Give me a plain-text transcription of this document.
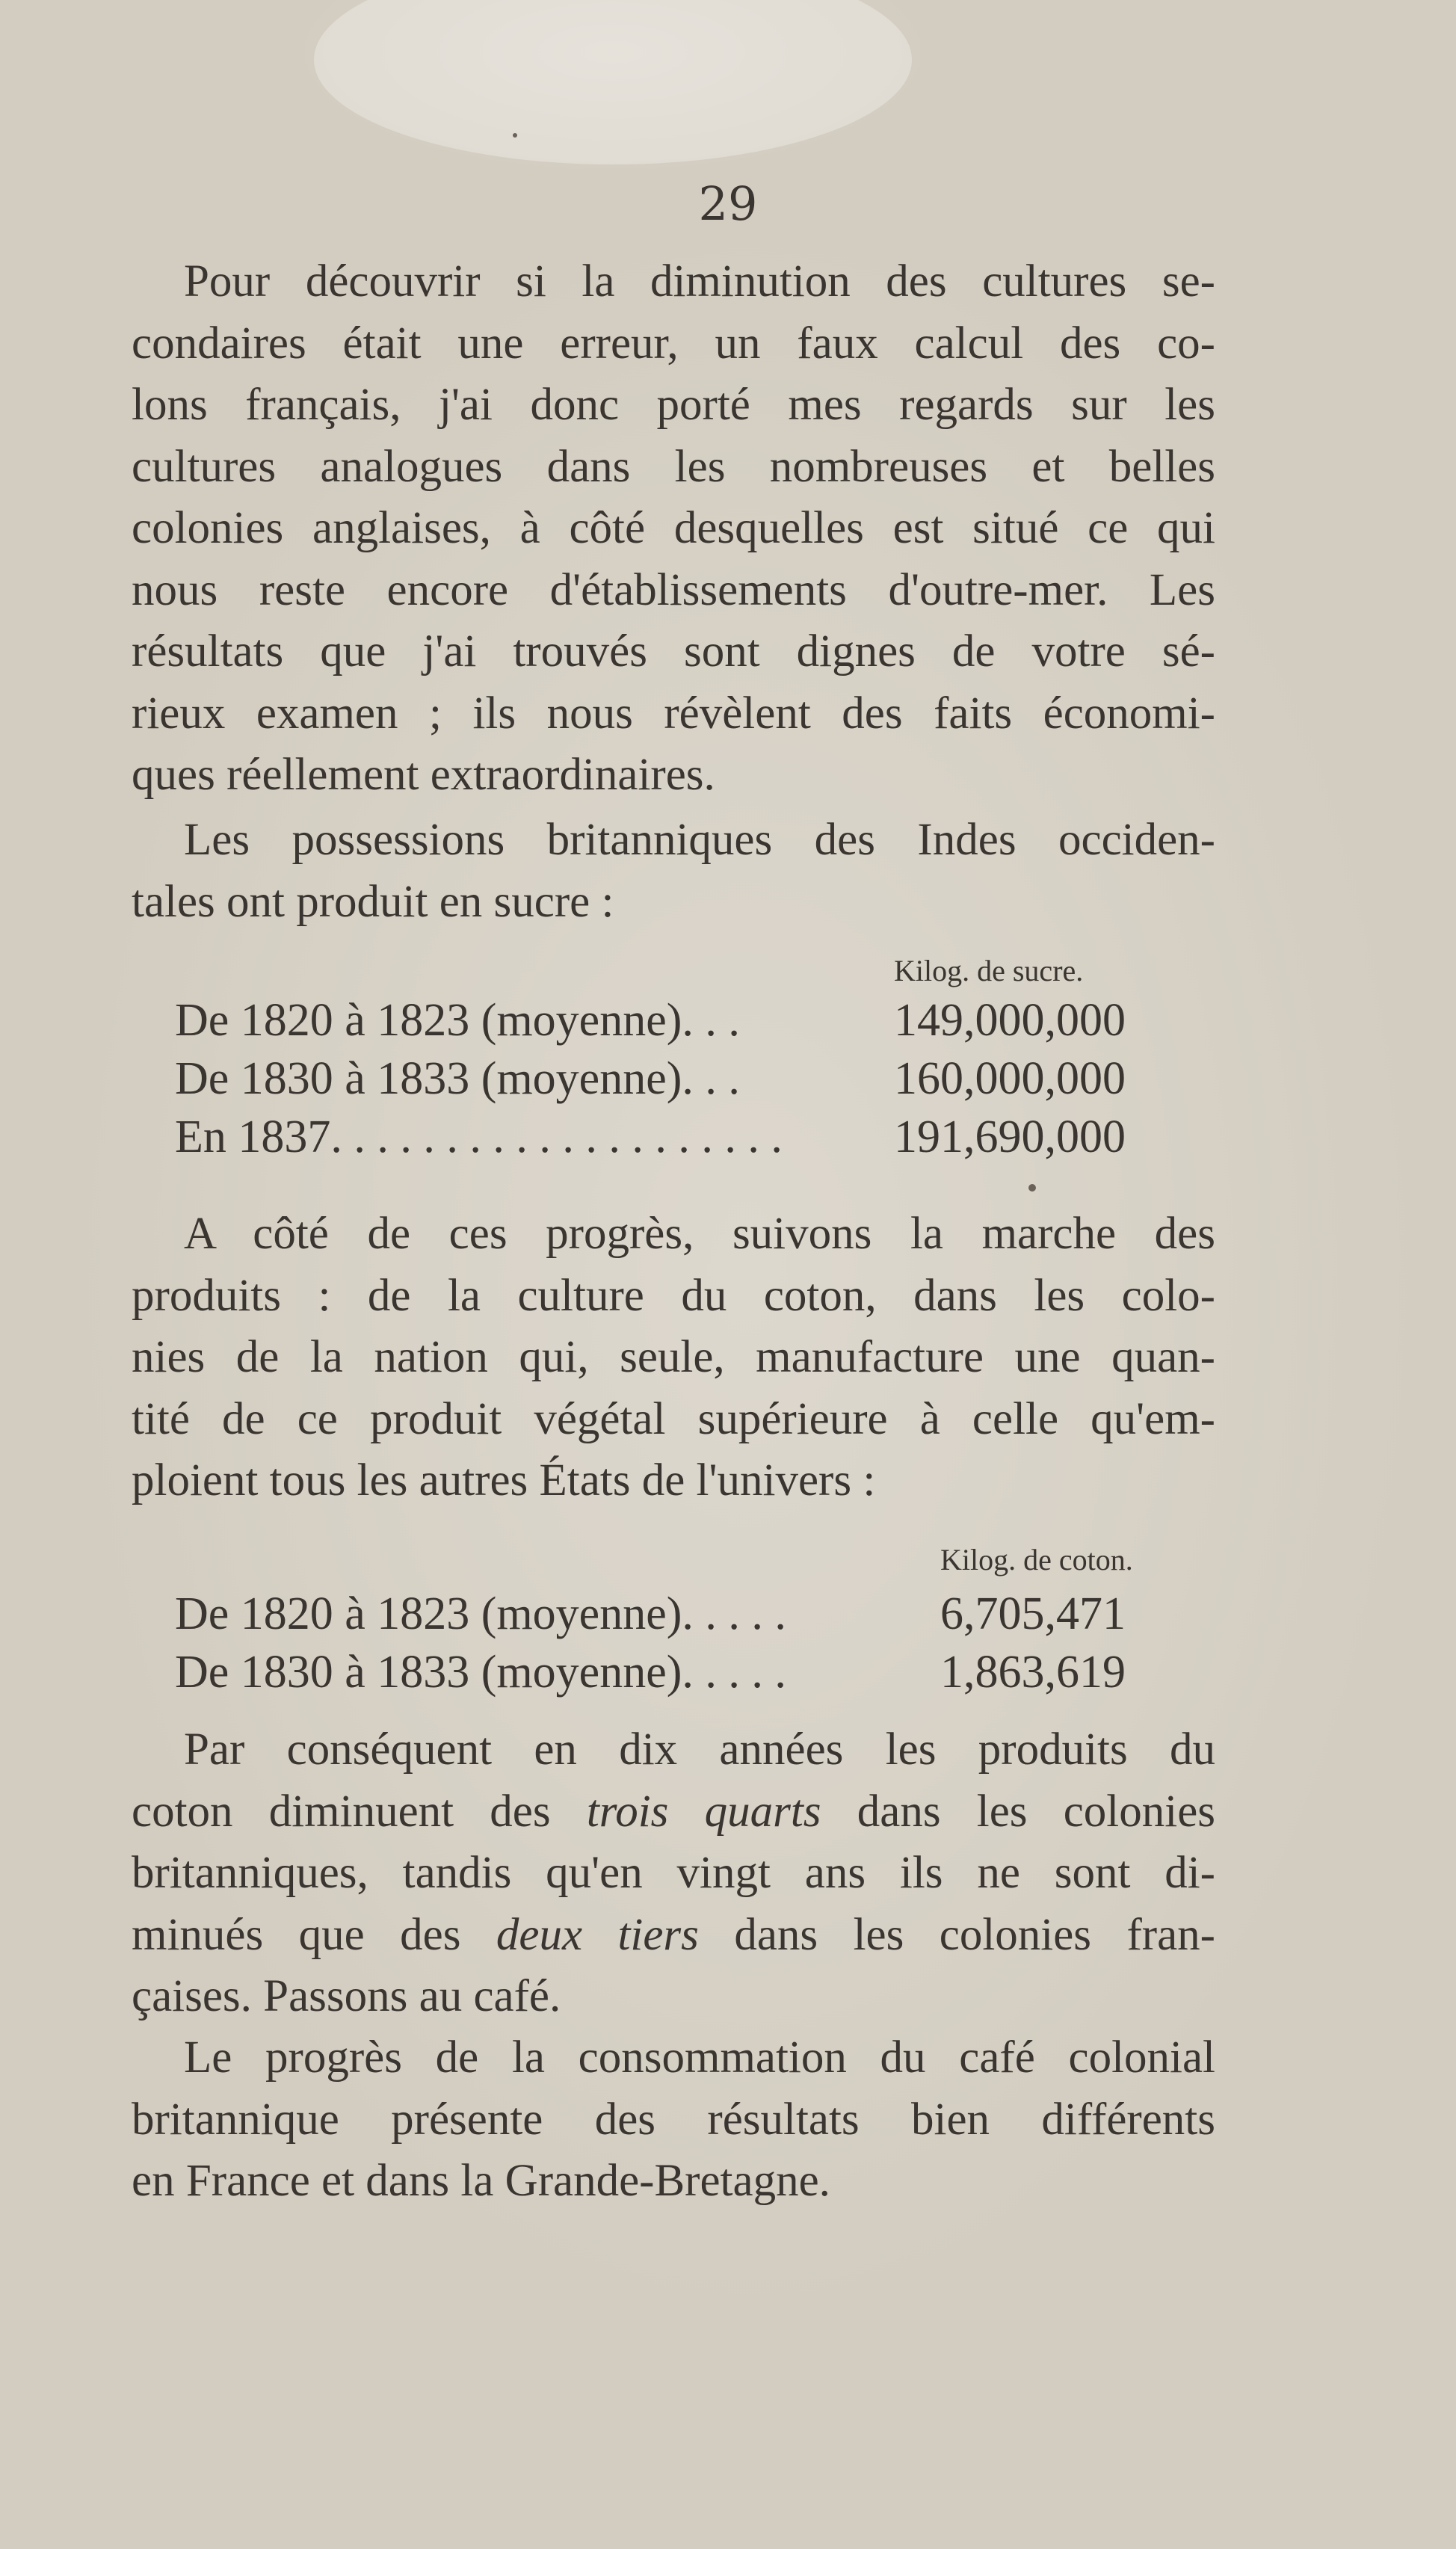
29

Pour découvrir si la diminution des cultures se-
condaires était une erreur, un faux calcul des co-
lons français, j'ai donc porté mes regards sur les
cultures analogues dans les nombreuses et belles
colonies anglaises, à côté desquelles est situé ce qui
nous reste encore d'établissements d'outre-mer. Les
résultats que j'ai trouvés sont dignes de votre sé-
rieux examen ; ils nous révèlent des faits économi-
ques réellement extraordinaires.

Les possessions britanniques des Indes occiden-
tales ont produit en sucre :

Kilog. de sucre.
De 1820 à 1823 (moyenne). . .	149,000,000
De 1830 à 1833 (moyenne). . .	160,000,000
En 1837. . . . . . . . . . . . . . . . . . . . 191,690,000

A côté de ces progrès, suivons la marche des
produits : de la culture du coton, dans les colo-
nies de la nation qui, seule, manufacture une quan-
tité de ce produit végétal supérieure à celle qu'em-
ploient tous les autres États de l'univers :

Kilog. de coton.
De 1820 à 1823 (moyenne). . . . .	6,705,471
De 1830 à 1833 (moyenne). . . . .	1,863,619

Par conséquent en dix années les produits du
coton diminuent des trois quarts dans les colonies
britanniques, tandis qu'en vingt ans ils ne sont di-
minués que des deux tiers dans les colonies fran-
çaises. Passons au café.

Le progrès de la consommation du café colonial
britannique présente des résultats bien différents
en France et dans la Grande-Bretagne.
